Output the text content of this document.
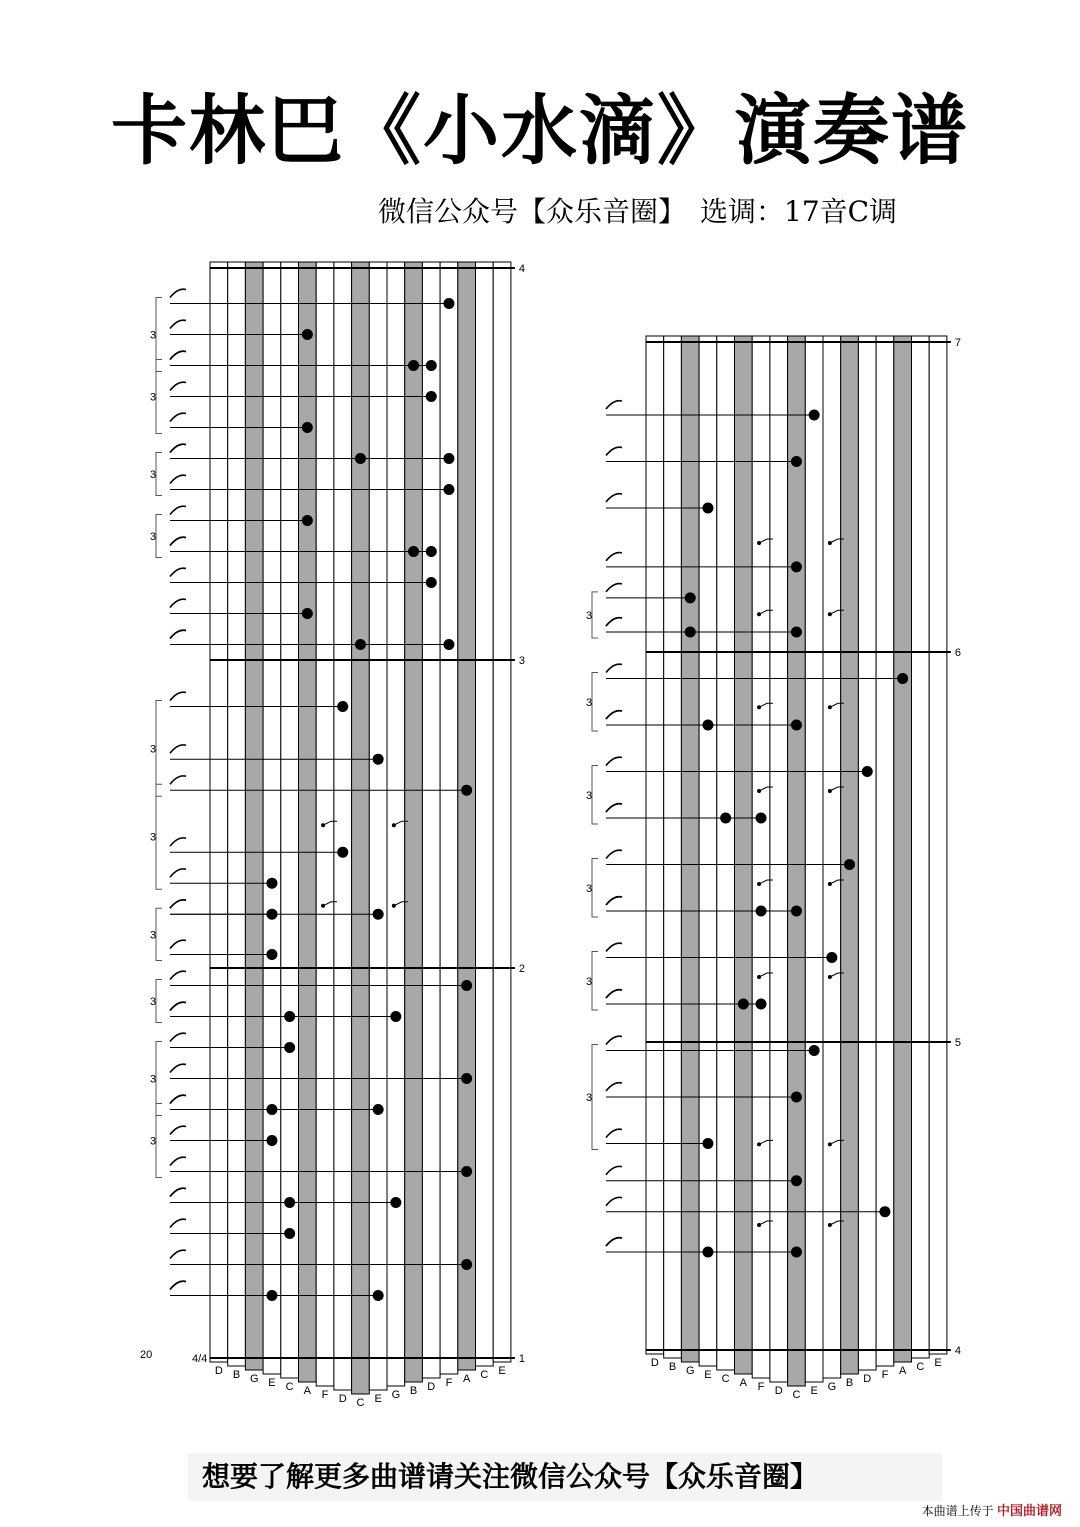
卡林巴《小水滴》演奏谱
微信公众号【众乐音圈】　选调：17音C调
D B G E C A F D C E G B D F A C E
4
3
2
1
3
3
3
3
3
3
3
3
3
3
D B G E C A F D C E G B D F A C E
7
6
5
4
3
3
3
3
3
3
4/4
20
想要了解更多曲谱请关注微信公众号【众乐音圈】
本曲谱上传于 中国曲谱网
